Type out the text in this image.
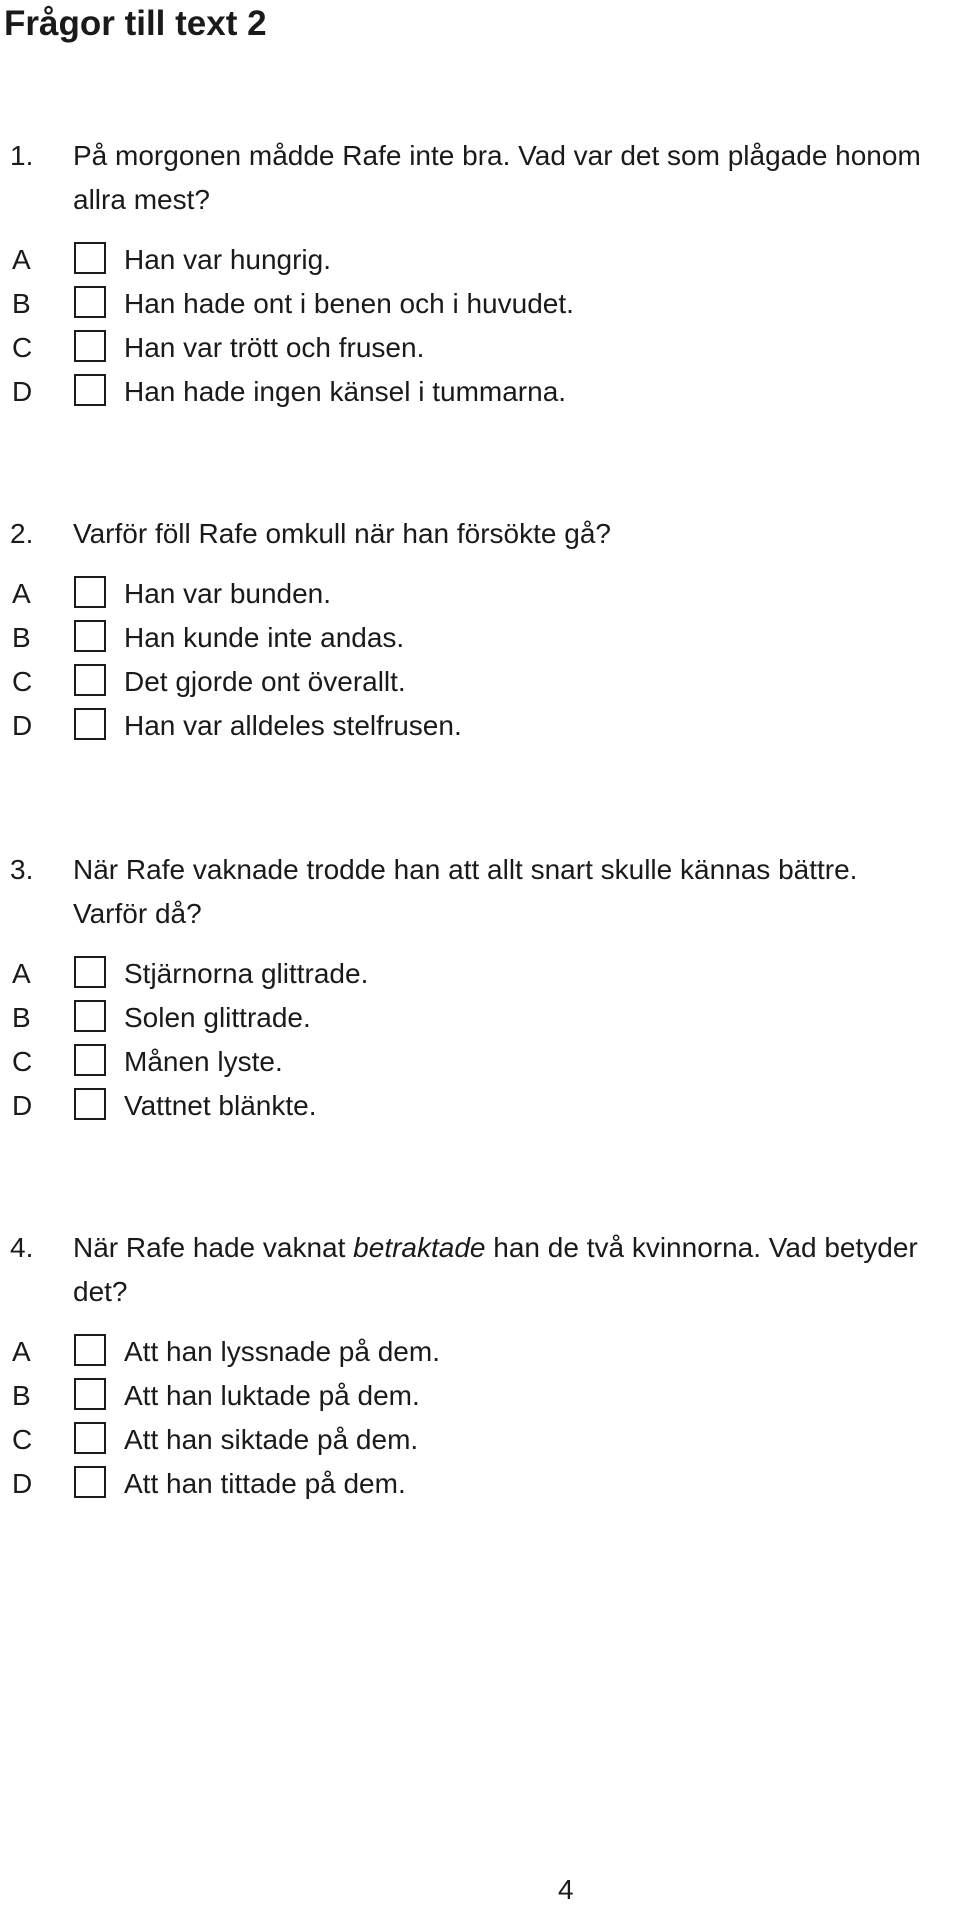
Frågor till text 2
1. På morgonen mådde Rafe inte bra. Vad var det som plågade honom
allra mest?
A	Han var hungrig.
B	Han hade ont i benen och i huvudet.
C	Han var trött och frusen.
D	Han hade ingen känsel i tummarna.
2. Varför föll Rafe omkull när han försökte gå?
A	Han var bunden.
B	Han kunde inte andas.
C	Det gjorde ont överallt.
D	Han var alldeles stelfrusen.
3. När Rafe vaknade trodde han att allt snart skulle kännas bättre.
Varför då?
A	Stjärnorna glittrade.
B	Solen glittrade.
C	Månen lyste.
D	Vattnet blänkte.
4. När Rafe hade vaknat betraktade han de två kvinnorna. Vad betyder
det?
A	Att han lyssnade på dem.
B	Att han luktade på dem.
C	Att han siktade på dem.
D	Att han tittade på dem.
4
